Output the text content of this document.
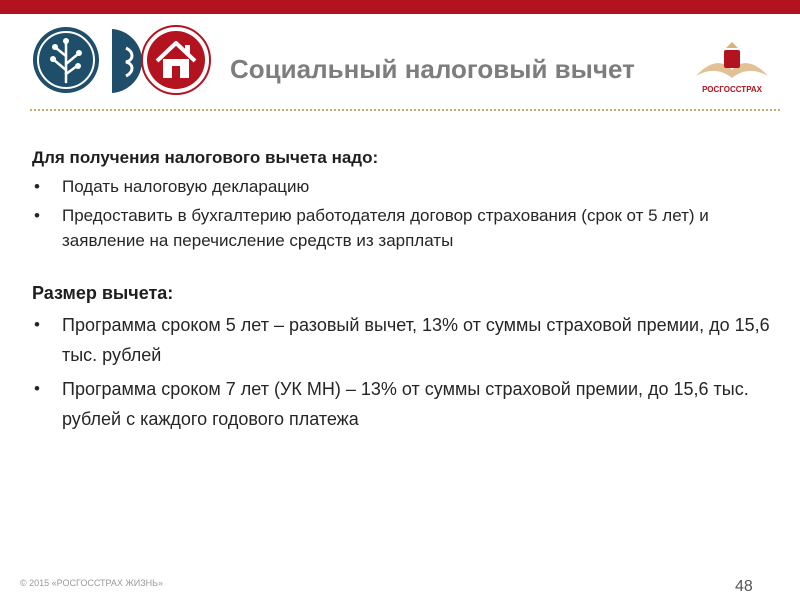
Социальный налоговый вычет
РОСГОССТРАХ
Для получения налогового вычета надо:
• Подать налоговую декларацию
• Предоставить в бухгалтерию работодателя договор страхования (срок от 5 лет) и заявление на перечисление средств из зарплаты
Размер вычета:
• Программа сроком 5 лет – разовый вычет, 13% от суммы страховой премии, до 15,6 тыс. рублей
• Программа сроком 7 лет (УК МН) – 13% от суммы страховой премии, до 15,6 тыс. рублей с каждого годового платежа
© 2015 «РОСГОССТРАХ ЖИЗНЬ»	48
